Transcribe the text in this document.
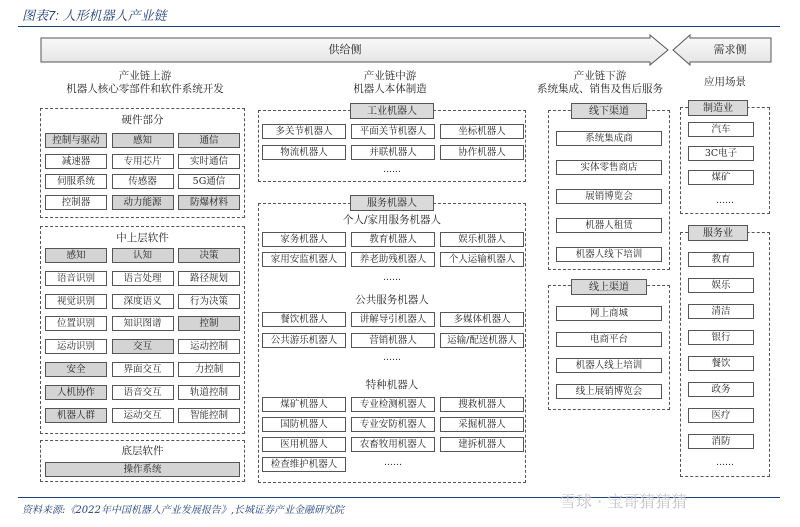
图表7: 人形机器人产业链
供给侧	需求侧
产业链上游
机器人核心零部件和软件系统开发
硬件部分
控制与驱动	感知	通信
减速器	专用芯片	实时通信
伺服系统	传感器	5G通信
控制器	动力能源	防爆材料
中上层软件
感知	认知	决策
语音识别	语言处理	路径规划
视觉识别	深度语义	行为决策
位置识别	知识图谱	控制
运动识别	交互	运动控制
安全	界面交互	力控制
人机协作	语音交互	轨道控制
机器人群	运动交互	智能控制
底层软件
操作系统
产业链中游
机器人本体制造
工业机器人
多关节机器人	平面关节机器人	坐标机器人
物流机器人	并联机器人	协作机器人
……
服务机器人
个人/家用服务机器人
家务机器人	教育机器人	娱乐机器人
家用安监机器人	养老助残机器人	个人运输机器人
……
公共服务机器人
餐饮机器人	讲解导引机器人	多媒体机器人
公共游乐机器人	营销机器人	运输/配送机器人
……
特种机器人
煤矿机器人	专业检测机器人	搜救机器人
国防机器人	专业安防机器人	采掘机器人
医用机器人	农畜牧用机器人	建拆机器人
检查维护机器人	……
产业链下游
系统集成、销售及售后服务
线下渠道
系统集成商
实体零售商店
展销博览会
机器人租赁
机器人线下培训
线上渠道
网上商城
电商平台
机器人线上培训
线上展销博览会
应用场景
制造业
汽车
3C电子
煤矿
……
服务业
教育
娱乐
清洁
银行
餐饮
政务
医疗
消防
……
资料来源:《2022年中国机器人产业发展报告》,长城证券产业金融研究院	雪球 · 宝哥猜猜猜
